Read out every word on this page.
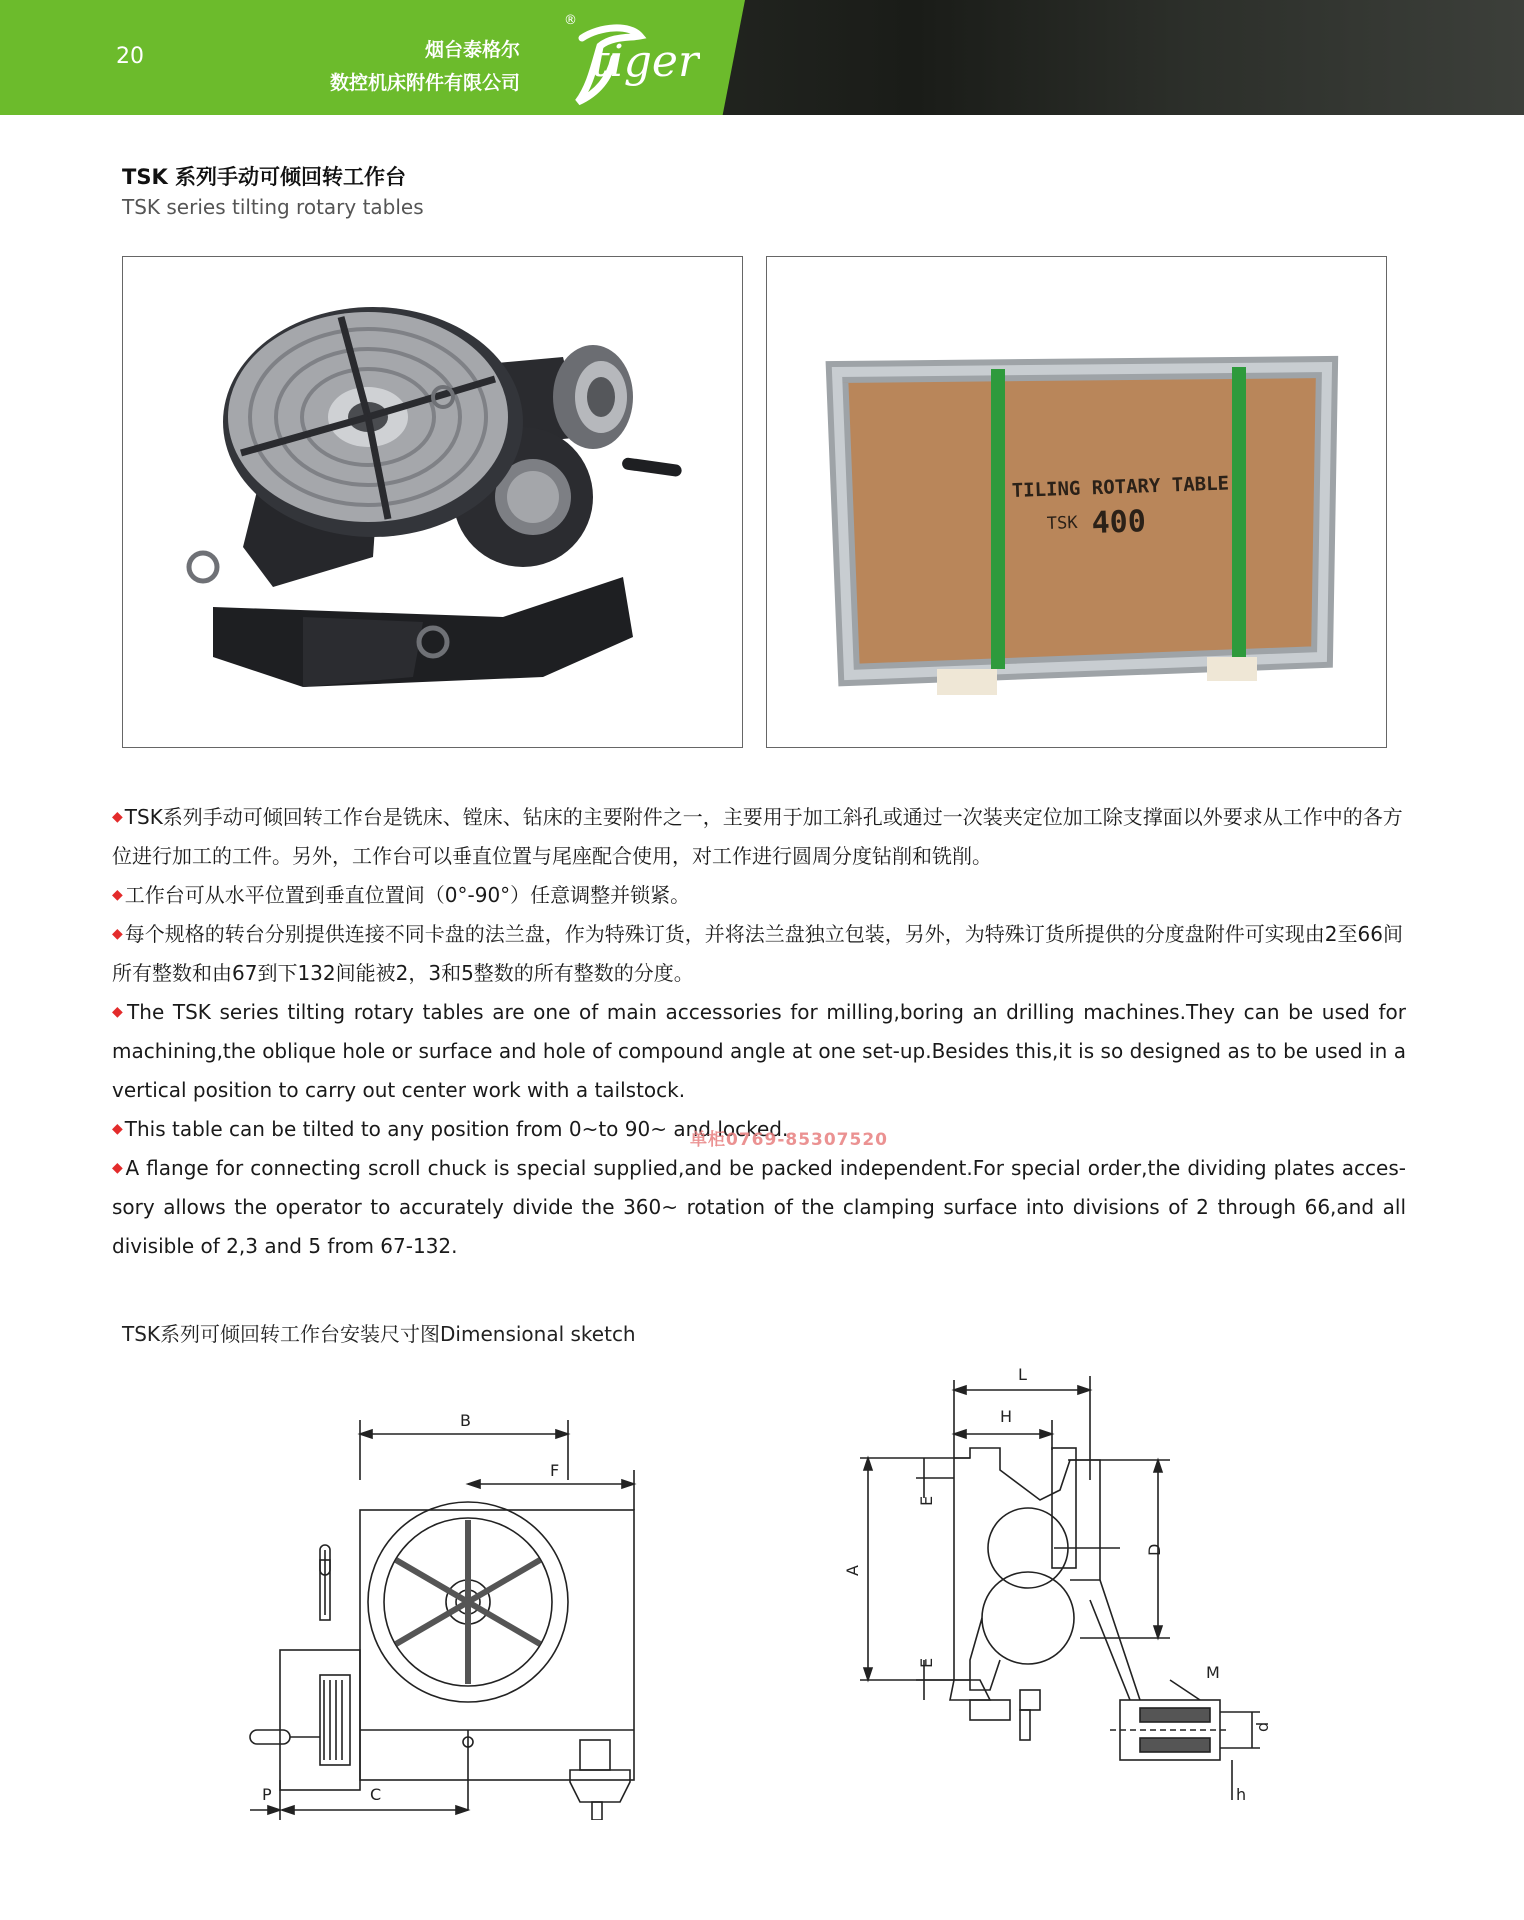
20	烟台泰格尔
数控机床附件有限公司
®
tiger
TSK 系列手动可倾回转工作台
TSK series tilting rotary tables
TILING ROTARY TABLE
TSK 400
◆ TSK系列手动可倾回转工作台是铣床、镗床、钻床的主要附件之一，主要用于加工斜孔或通过一次装夹定位加工除支撑面以外要求从工作中的各方位进行加工的工件。另外，工作台可以垂直位置与尾座配合使用，对工作进行圆周分度钻削和铣削。
◆ 工作台可从水平位置到垂直位置间（0°-90°）任意调整并锁紧。
◆ 每个规格的转台分别提供连接不同卡盘的法兰盘，作为特殊订货，并将法兰盘独立包装，另外，为特殊订货所提供的分度盘附件可实现由2至66间所有整数和由67到下132间能被2，3和5整数的所有整数的分度。
◆ The TSK series tilting rotary tables are one of main accessories for milling,boring an drilling machines.They can be used for machining,the oblique hole or surface and hole of compound angle at one set-up.Besides this,it is so designed as to be used in a vertical position to carry out center work with a tailstock.
◆ This table can be tilted to any position from 0~to 90~ and locked.
◆ A flange for connecting scroll chuck is special supplied,and be packed independent.For special order,the dividing plates acces-sory allows the operator to accurately divide the 360~ rotation of the clamping surface into divisions of 2 through 66,and all divisible of 2,3 and 5 from 67-132.
单柜0769-85307520
TSK系列可倾回转工作台安装尺寸图Dimensional sketch
B
F
P	C
L
H
A
E
E
D
M
d
h
